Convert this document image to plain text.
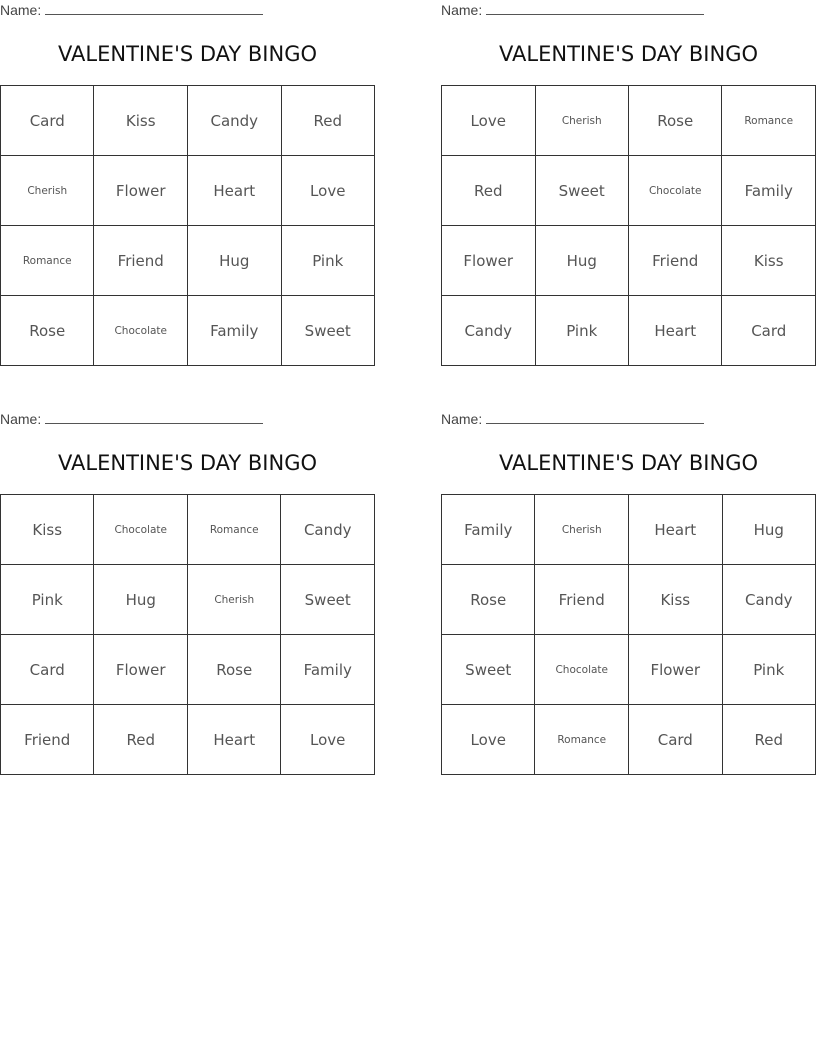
Name:
VALENTINE'S DAY BINGO
Card	Kiss	Candy	Red
Cherish	Flower	Heart	Love
Romance	Friend	Hug	Pink
Rose	Chocolate	Family	Sweet
Name:
VALENTINE'S DAY BINGO
Love	Cherish	Rose	Romance
Red	Sweet	Chocolate	Family
Flower	Hug	Friend	Kiss
Candy	Pink	Heart	Card
Name:
VALENTINE'S DAY BINGO
Kiss	Chocolate	Romance	Candy
Pink	Hug	Cherish	Sweet
Card	Flower	Rose	Family
Friend	Red	Heart	Love
Name:
VALENTINE'S DAY BINGO
Family	Cherish	Heart	Hug
Rose	Friend	Kiss	Candy
Sweet	Chocolate	Flower	Pink
Love	Romance	Card	Red
